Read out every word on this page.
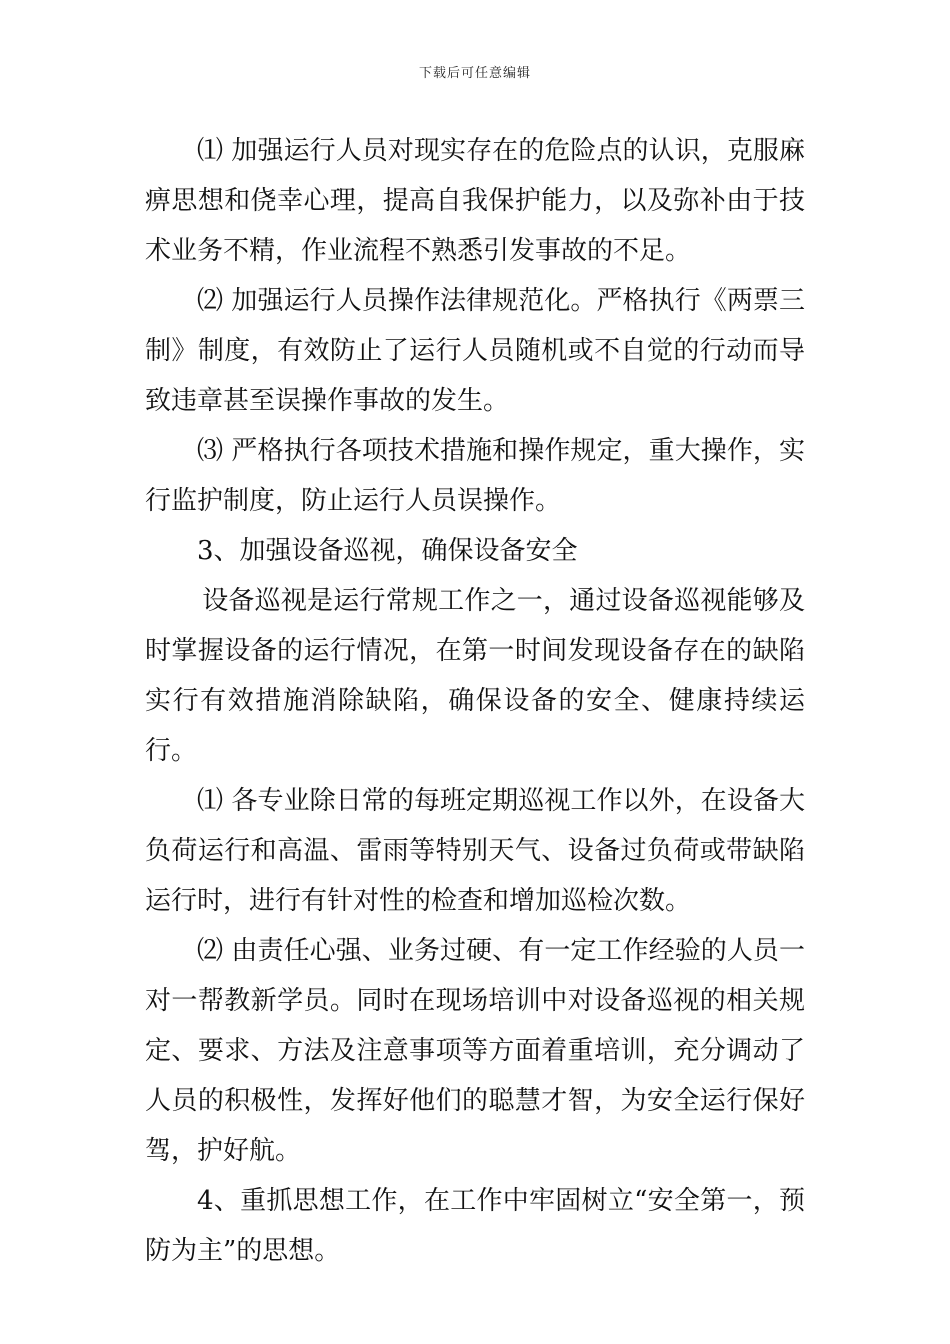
下载后可任意编辑

⑴ 加强运行人员对现实存在的危险点的认识，克服麻痹思想和侥幸心理，提高自我保护能力，以及弥补由于技术业务不精，作业流程不熟悉引发事故的不足。

⑵ 加强运行人员操作法律规范化。严格执行《两票三制》制度，有效防止了运行人员随机或不自觉的行动而导致违章甚至误操作事故的发生。

⑶ 严格执行各项技术措施和操作规定，重大操作，实行监护制度，防止运行人员误操作。

3、加强设备巡视，确保设备安全

设备巡视是运行常规工作之一，通过设备巡视能够及时掌握设备的运行情况，在第一时间发现设备存在的缺陷实行有效措施消除缺陷，确保设备的安全、健康持续运行。

⑴ 各专业除日常的每班定期巡视工作以外，在设备大负荷运行和高温、雷雨等特别天气、设备过负荷或带缺陷运行时，进行有针对性的检查和增加巡检次数。

⑵ 由责任心强、业务过硬、有一定工作经验的人员一对一帮教新学员。同时在现场培训中对设备巡视的相关规定、要求、方法及注意事项等方面着重培训，充分调动了人员的积极性，发挥好他们的聪慧才智，为安全运行保好驾，护好航。

4、重抓思想工作，在工作中牢固树立“安全第一，预防为主”的思想。
